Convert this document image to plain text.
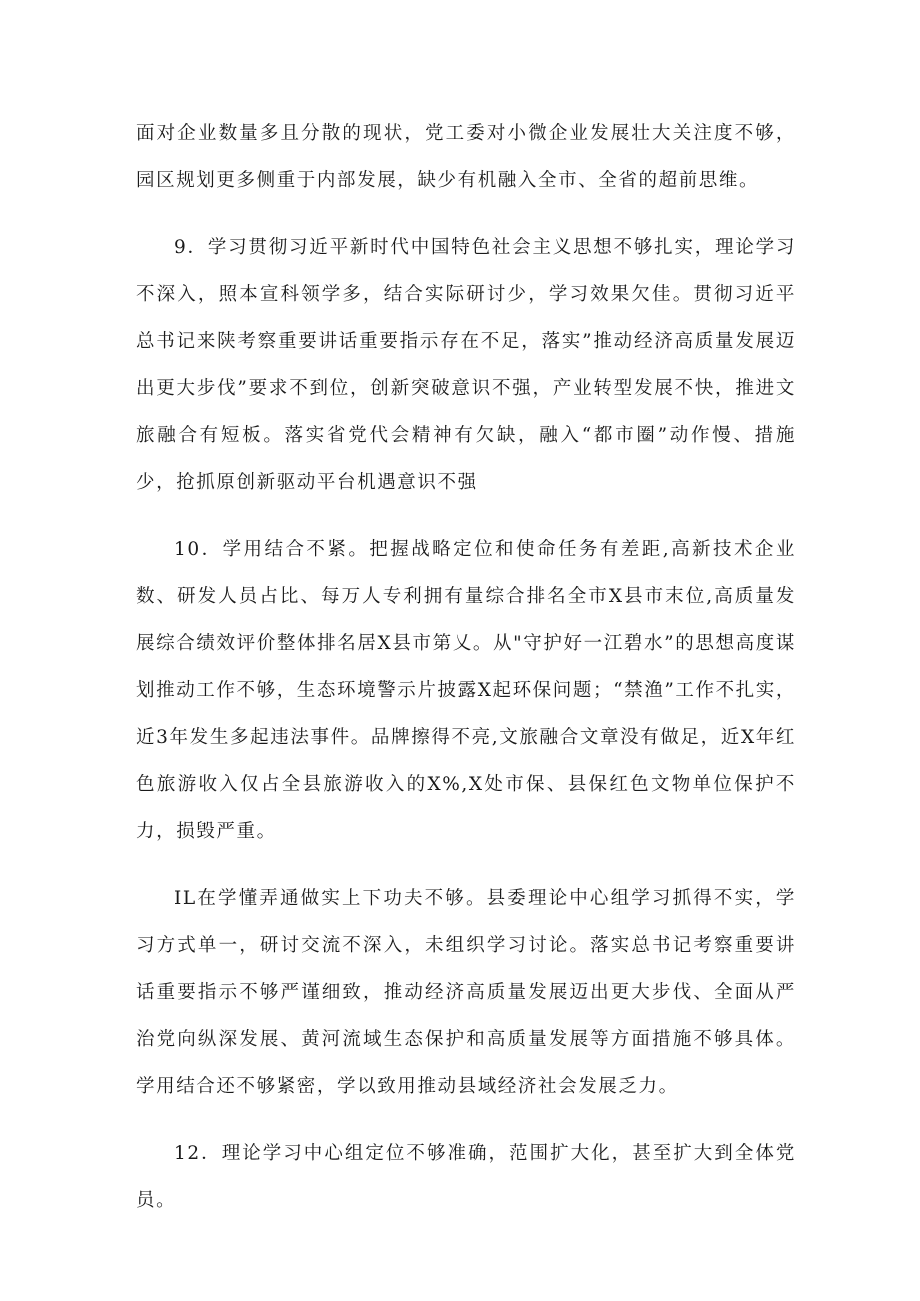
面对企业数量多且分散的现状，党工委对小微企业发展壮大关注度不够，园区规划更多侧重于内部发展，缺少有机融入全市、全省的超前思维。

9．学习贯彻习近平新时代中国特色社会主义思想不够扎实，理论学习不深入，照本宣科领学多，结合实际研讨少，学习效果欠佳。贯彻习近平总书记来陕考察重要讲话重要指示存在不足，落实”推动经济高质量发展迈出更大步伐”要求不到位，创新突破意识不强，产业转型发展不快，推进文旅融合有短板。落实省党代会精神有欠缺，融入“都市圈”动作慢、措施少，抢抓原创新驱动平台机遇意识不强

10．学用结合不紧。把握战略定位和使命任务有差距,高新技术企业数、研发人员占比、每万人专利拥有量综合排名全市X县市末位,高质量发展综合绩效评价整体排名居X县市第乂。从"守护好一江碧水”的思想高度谋划推动工作不够，生态环境警示片披露X起环保问题；“禁渔”工作不扎实，近3年发生多起违法事件。品牌擦得不亮,文旅融合文章没有做足，近X年红色旅游收入仅占全县旅游收入的X%,X处市保、县保红色文物单位保护不力，损毁严重。

IL在学懂弄通做实上下功夫不够。县委理论中心组学习抓得不实，学习方式单一，研讨交流不深入，未组织学习讨论。落实总书记考察重要讲话重要指示不够严谨细致，推动经济高质量发展迈出更大步伐、全面从严治党向纵深发展、黄河流域生态保护和高质量发展等方面措施不够具体。学用结合还不够紧密，学以致用推动县域经济社会发展乏力。

12．理论学习中心组定位不够准确，范围扩大化，甚至扩大到全体党员。
